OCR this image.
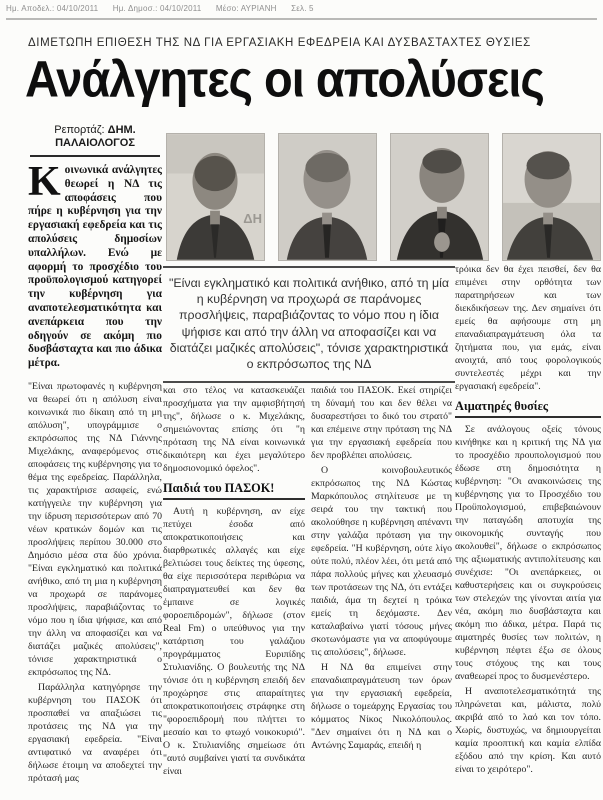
Ημ. Αποδελ.: 04/10/2011 Ημ. Δημοσ.: 04/10/2011 Μέσο: ΑΥΡΙΑΝΗ Σελ. 5
ΔΙΜΕΤΩΠΗ ΕΠΙΘΕΣΗ ΤΗΣ ΝΔ ΓΙΑ ΕΡΓΑΣΙΑΚΗ ΕΦΕΔΡΕΙΑ ΚΑΙ ΔΥΣΒΑΣΤΑΧΤΕΣ ΘΥΣΙΕΣ
Ανάλγητες οι απολύσεις
Ρεπορτάζ: ΔΗΜ.
ΠΑΛΑΙΟΛΟΓΟΣ
ΔΗ
"Είναι εγκληματικό και πολιτικά ανήθικο, από τη μία η κυβέρνηση να προχωρά σε παράνομες προσλήψεις, παραβιάζοντας το νόμο που η ίδια ψήφισε και από την άλλη να αποφασίζει και να διατάζει μαζικές απολύσεις", τόνισε χαρακτηριστικά ο εκπρόσωπος της ΝΔ

Κοινωνικά ανάλγητες θεωρεί η ΝΔ τις αποφάσεις που πήρε η κυβέρνηση για την εργασιακή εφεδρεία και τις απολύσεις δημοσίων υπαλλήλων. Ενώ με αφορμή το προσχέδιο του προϋπολογισμού κατηγορεί την κυβέρνηση για αναποτελεσματικότητα και ανεπάρκεια που την οδηγούν σε ακόμη πιο δυσβάσταχτα και πιο άδικα μέτρα.

"Είναι πρωτοφανές η κυβέρνηση να θεωρεί ότι η απόλυση είναι κοινωνικά πιο δίκαιη από τη μη απόλυση", υπογράμμισε ο εκπρόσωπος της ΝΔ Γιάννης Μιχελάκης, αναφερόμενος στις αποφάσεις της κυβέρνησης για το θέμα της εφεδρείας. Παράλληλα, τις χαρακτήρισε ασαφείς, ενώ κατήγγειλε την κυβέρνηση για την ίδρυση περισσότερων από 70 νέων κρατικών δομών και τις προσλήψεις περίπου 30.000 στο Δημόσιο μέσα στα δύο χρόνια. "Είναι εγκληματικό και πολιτικά ανήθικο, από τη μια η κυβέρνηση να προχωρά σε παράνομες προσλήψεις, παραβιάζοντας το νόμο που η ίδια ψήφισε, και από την άλλη να αποφασίζει και να διατάζει μαζικές απολύσεις", τόνισε χαρακτηριστικά ο εκπρόσωπος της ΝΔ.

Παράλληλα κατηγόρησε την κυβέρνηση του ΠΑΣΟΚ ότι προσπαθεί να απαξιώσει τις προτάσεις της ΝΔ για την εργασιακή εφεδρεία. "Είναι αντιφατικό να αναφέρει ότι δήλωσε έτοιμη να αποδεχτεί την πρότασή μας

και στο τέλος να κατασκευάζει προσχήματα για την αμφισβήτησή της", δήλωσε ο κ. Μιχελάκης, σημειώνοντας επίσης ότι "η πρόταση της ΝΔ είναι κοινωνικά δικαιότερη και έχει μεγαλύτερο δημοσιονομικό όφελος".

Παιδιά του ΠΑΣΟΚ!

Αυτή η κυβέρνηση, αν είχε πετύχει έσοδα από αποκρατικοποιήσεις και διαρθρωτικές αλλαγές και είχε βελτιώσει τους δείκτες της ύφεσης, θα είχε περισσότερα περιθώρια να διαπραγματευθεί και δεν θα έμπαινε σε λογικές φοροεπιδρομών", δήλωσε (στον Real Fm) ο υπεύθυνος για την κατάρτιση του γαλάζιου προγράμματος Ευριπίδης Στυλιανίδης. Ο βουλευτής της ΝΔ τόνισε ότι η κυβέρνηση επειδή δεν προχώρησε στις απαραίτητες αποκρατικοποιήσεις στράφηκε στη "φοροεπιδρομή που πλήττει το μεσαίο και το φτωχό νοικοκυριό". Ο κ. Στυλιανίδης σημείωσε ότι "αυτό συμβαίνει γιατί τα συνδικάτα είναι

παιδιά του ΠΑΣΟΚ. Εκεί στηρίζει τη δύναμή του και δεν θέλει να δυσαρεστήσει το δικό του στρατό" και επέμεινε στην πρόταση της ΝΔ για την εργασιακή εφεδρεία που δεν προβλέπει απολύσεις.

Ο κοινοβουλευτικός εκπρόσωπος της ΝΔ Κώστας Μαρκόπουλος στηλίτευσε με τη σειρά του την τακτική που ακολούθησε η κυβέρνηση απέναντι στην γαλάζια πρόταση για την εφεδρεία. "Η κυβέρνηση, ούτε λίγο ούτε πολύ, πλέον λέει, ότι μετά από πάρα πολλούς μήνες και χλευασμό των προτάσεων της ΝΔ, ότι εντάξει παιδιά, άμα τη δεχτεί η τρόικα εμείς τη δεχόμαστε. Δεν καταλαβαίνω γιατί τόσους μήνες σκοτωνόμαστε για να αποφύγουμε τις απολύσεις", δήλωσε.

Η ΝΔ θα επιμείνει στην επαναδιαπραγμάτευση των όρων για την εργασιακή εφεδρεία, δήλωσε ο τομεάρχης Εργασίας του κόμματος Νίκος Νικολόπουλος. "Δεν σημαίνει ότι η ΝΔ και ο Αντώνης Σαμαράς, επειδή η

τρόικα δεν θα έχει πεισθεί, δεν θα επιμένει στην ορθότητα των παρατηρήσεων και των διεκδικήσεων της. Δεν σημαίνει ότι εμείς θα αφήσουμε στη μη επαναδιαπραγμάτευση όλα τα ζητήματα που, για εμάς, είναι ανοιχτά, από τους φορολογικούς συντελεστές μέχρι και την εργασιακή εφεδρεία".

Αιματηρές θυσίες

Σε ανάλογους οξείς τόνους κινήθηκε και η κριτική της ΝΔ για το προσχέδιο προυπολογισμού που έδωσε στη δημοσιότητα η κυβέρνηση: "Οι ανακοινώσεις της κυβέρνησης για το Προσχέδιο του Προϋπολογισμού, επιβεβαιώνουν την παταγώδη αποτυχία της οικονομικής συνταγής που ακολουθεί", δήλωσε ο εκπρόσωπος της αξιωματικής αντιπολίτευσης και συνέχισε: "Οι ανεπάρκειες, οι καθυστερήσεις και οι συγκρούσεις των στελεχών της γίνονται αιτία για νέα, ακόμη πιο δυσβάσταχτα και ακόμη πιο άδικα, μέτρα. Παρά τις αιματηρές θυσίες των πολιτών, η κυβέρνηση πέφτει έξω σε όλους τους στόχους της και τους αναθεωρεί προς το δυσμενέστερο.

Η αναποτελεσματικότητά της πληρώνεται και, μάλιστα, πολύ ακριβά από το λαό και τον τόπο. Χωρίς, δυστυχώς, να δημιουργείται καμία προοπτική και καμία ελπίδα εξόδου από την κρίση. Και αυτό είναι το χειρότερο".
